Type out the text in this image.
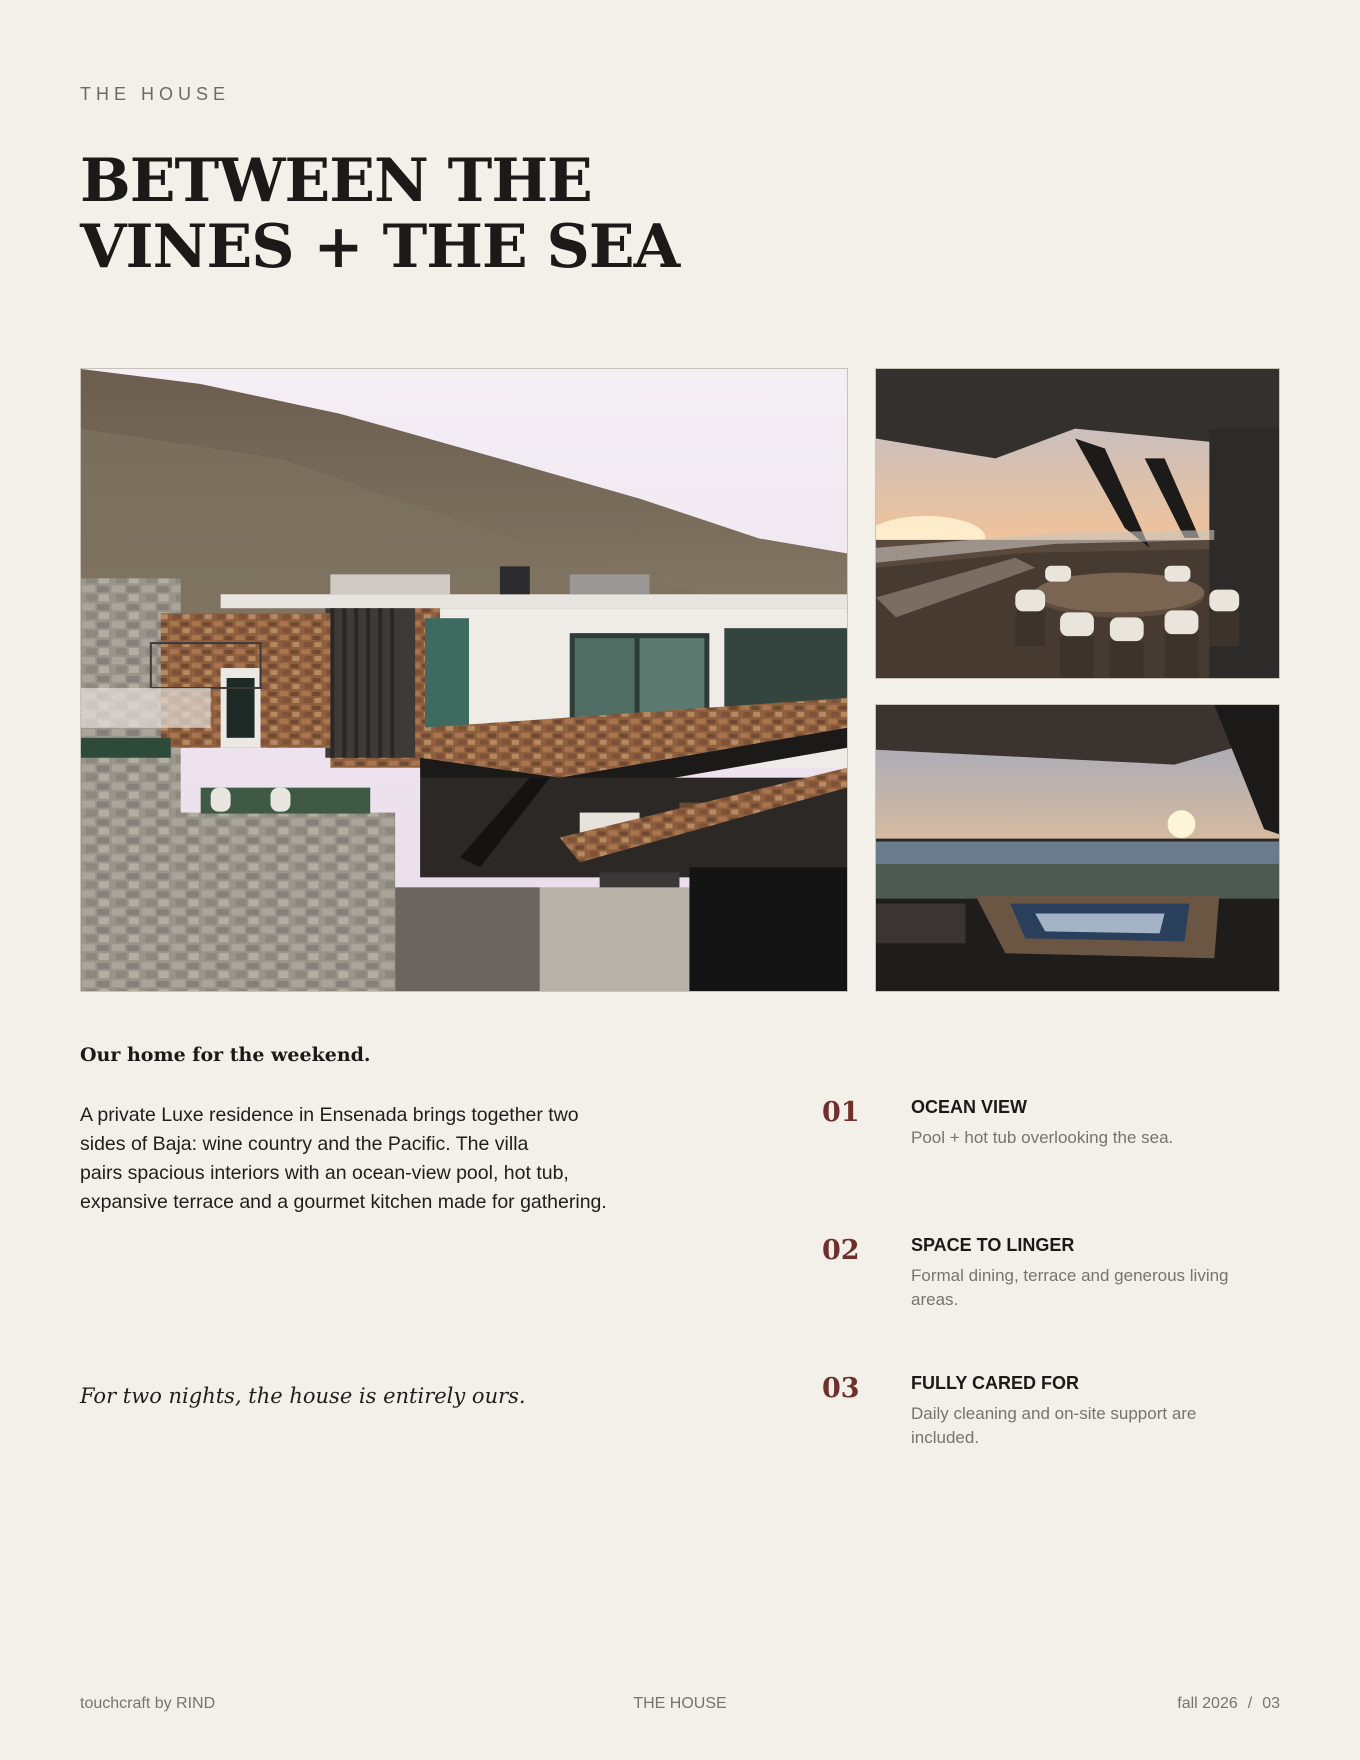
THE HOUSE
BETWEEN THE
VINES + THE SEA
Our home for the weekend.
A private Luxe residence in Ensenada brings together two
sides of Baja: wine country and the Pacific. The villa
pairs spacious interiors with an ocean-view pool, hot tub,
expansive terrace and a gourmet kitchen made for gathering.
For two nights, the house is entirely ours.
01	OCEAN VIEW
Pool + hot tub overlooking the sea.
02	SPACE TO LINGER
Formal dining, terrace and generous living areas.
03	FULLY CARED FOR
Daily cleaning and on-site support are included.
touchcraft by RIND	THE HOUSE	fall 2026 / 03
